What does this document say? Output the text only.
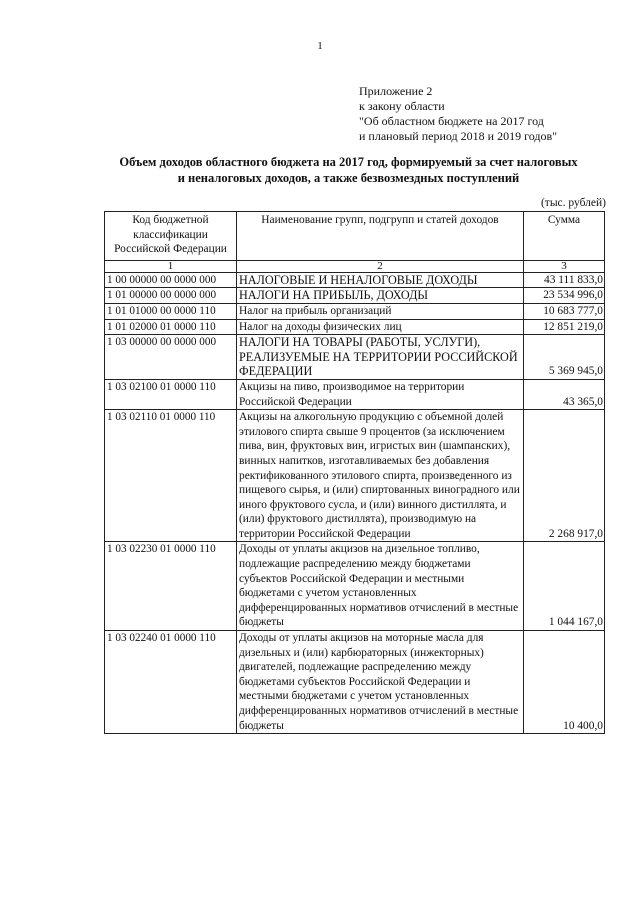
1
Приложение 2
к закону области
"Об областном бюджете на 2017 год
и плановый период 2018 и 2019 годов"
Объем доходов областного бюджета на 2017 год, формируемый за счет налоговых
и неналоговых доходов, а также безвозмездных поступлений
(тыс. рублей)
Код бюджетной классификации Российской Федерации	Наименование групп, подгрупп и статей доходов	Сумма
1	2	3
1 00 00000 00 0000 000	НАЛОГОВЫЕ И НЕНАЛОГОВЫЕ ДОХОДЫ	43 111 833,0
1 01 00000 00 0000 000	НАЛОГИ НА ПРИБЫЛЬ, ДОХОДЫ	23 534 996,0
1 01 01000 00 0000 110	Налог на прибыль организаций	10 683 777,0
1 01 02000 01 0000 110	Налог на доходы физических лиц	12 851 219,0
1 03 00000 00 0000 000	НАЛОГИ НА ТОВАРЫ (РАБОТЫ, УСЛУГИ), РЕАЛИЗУЕМЫЕ НА ТЕРРИТОРИИ РОССИЙСКОЙ ФЕДЕРАЦИИ	5 369 945,0
1 03 02100 01 0000 110	Акцизы на пиво, производимое на территории Российской Федерации	43 365,0
1 03 02110 01 0000 110	Акцизы на алкогольную продукцию с объемной долей этилового спирта свыше 9 процентов (за исключением пива, вин, фруктовых вин, игристых вин (шампанских), винных напитков, изготавливаемых без добавления ректификованного этилового спирта, произведенного из пищевого сырья, и (или) спиртованных виноградного или иного фруктового сусла, и (или) винного дистиллята, и (или) фруктового дистиллята), производимую на территории Российской Федерации	2 268 917,0
1 03 02230 01 0000 110	Доходы от уплаты акцизов на дизельное топливо, подлежащие распределению между бюджетами субъектов Российской Федерации и местными бюджетами с учетом установленных дифференцированных нормативов отчислений в местные бюджеты	1 044 167,0
1 03 02240 01 0000 110	Доходы от уплаты акцизов на моторные масла для дизельных и (или) карбюраторных (инжекторных) двигателей, подлежащие распределению между бюджетами субъектов Российской Федерации и местными бюджетами с учетом установленных дифференцированных нормативов отчислений в местные бюджеты	10 400,0
